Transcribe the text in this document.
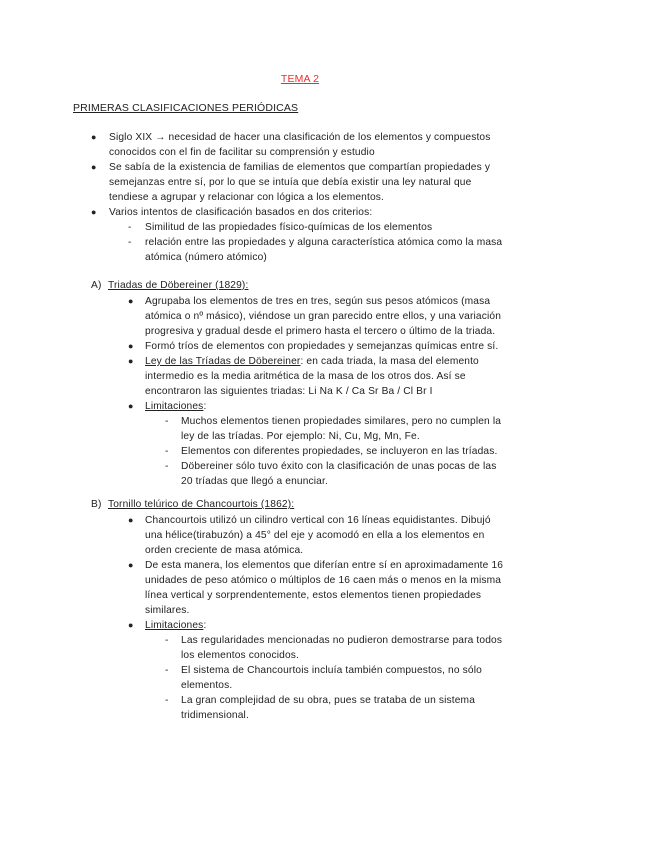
TEMA 2
PRIMERAS CLASIFICACIONES PERIÓDICAS
● Siglo XIX → necesidad de hacer una clasificación de los elementos y compuestos
conocidos con el fin de facilitar su comprensión y estudio
● Se sabía de la existencia de familias de elementos que compartían propiedades y
semejanzas entre sí, por lo que se intuía que debía existir una ley natural que
tendiese a agrupar y relacionar con lógica a los elementos.
● Varios intentos de clasificación basados en dos criterios:
- Similitud de las propiedades físico-químicas de los elementos
- relación entre las propiedades y alguna característica atómica como la masa
atómica (número atómico)
A) Triadas de Döbereiner (1829):
● Agrupaba los elementos de tres en tres, según sus pesos atómicos (masa
atómica o nº másico), viéndose un gran parecido entre ellos, y una variación
progresiva y gradual desde el primero hasta el tercero o último de la triada.
● Formó tríos de elementos con propiedades y semejanzas químicas entre sí.
● Ley de las Tríadas de Döbereiner: en cada triada, la masa del elemento
intermedio es la media aritmética de la masa de los otros dos. Así se
encontraron las siguientes triadas: Li Na K / Ca Sr Ba / Cl Br I
● Limitaciones:
- Muchos elementos tienen propiedades similares, pero no cumplen la
ley de las tríadas. Por ejemplo: Ni, Cu, Mg, Mn, Fe.
- Elementos con diferentes propiedades, se incluyeron en las tríadas.
- Döbereiner sólo tuvo éxito con la clasificación de unas pocas de las
20 tríadas que llegó a enunciar.
B) Tornillo telúrico de Chancourtois (1862):
● Chancourtois utilizó un cilindro vertical con 16 líneas equidistantes. Dibujó
una hélice(tirabuzón) a 45° del eje y acomodó en ella a los elementos en
orden creciente de masa atómica.
● De esta manera, los elementos que diferían entre sí en aproximadamente 16
unidades de peso atómico o múltiplos de 16 caen más o menos en la misma
línea vertical y sorprendentemente, estos elementos tienen propiedades
similares.
● Limitaciones:
- Las regularidades mencionadas no pudieron demostrarse para todos
los elementos conocidos.
- El sistema de Chancourtois incluía también compuestos, no sólo
elementos.
- La gran complejidad de su obra, pues se trataba de un sistema
tridimensional.
